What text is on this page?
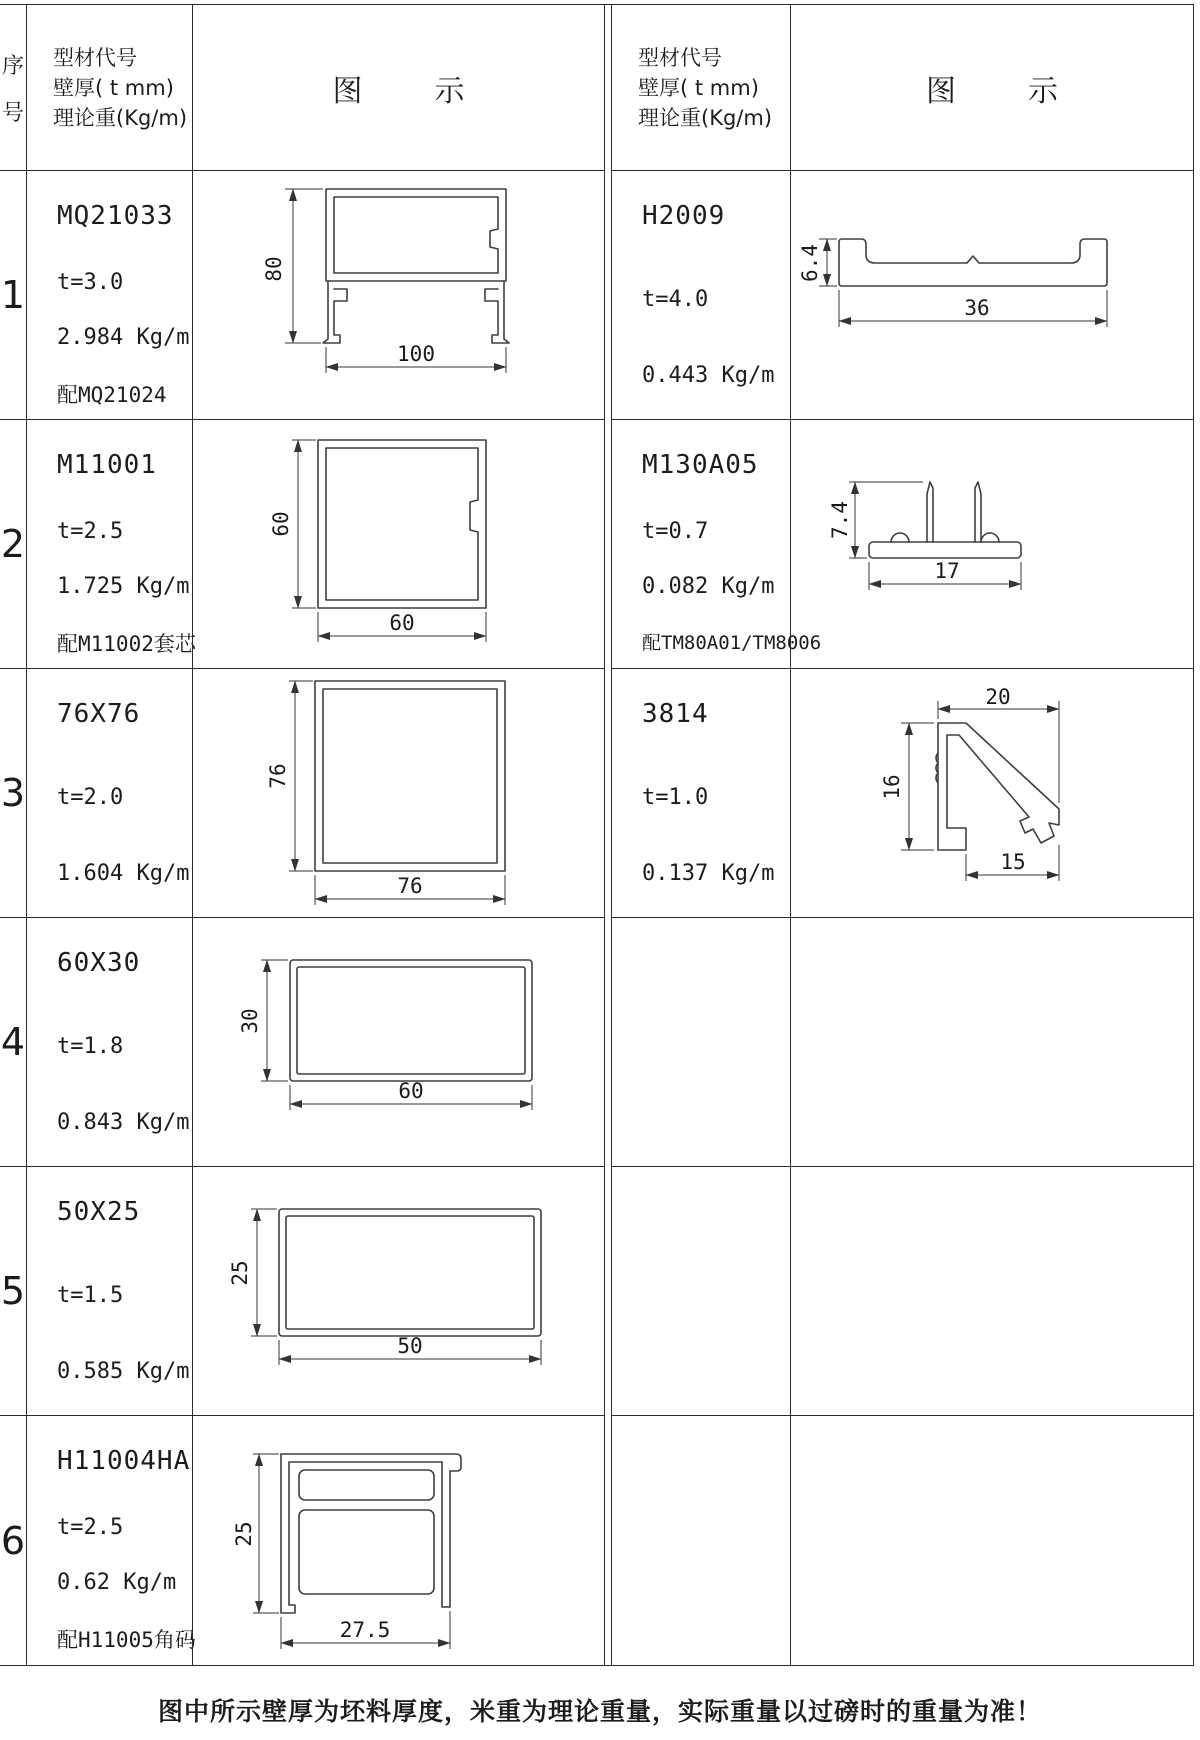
序
号
型材代号
壁厚( t mm)
理论重(Kg/m)
图 示
型材代号
壁厚( t mm)
理论重(Kg/m)
图 示
1
MQ21033
t=3.0
2.984 Kg/m
配MQ21024
80
100
H2009
t=4.0
0.443 Kg/m
6.4
36
2
M11001
t=2.5
1.725 Kg/m
配M11002套芯
60
60
M130A05
t=0.7
0.082 Kg/m
配TM80A01/TM8006
7.4
17
3
76X76
t=2.0
1.604 Kg/m
76
76
3814
t=1.0
0.137 Kg/m
20
16
15
4
60X30
t=1.8
0.843 Kg/m
30
60
5
50X25
t=1.5
0.585 Kg/m
25
50
6
H11004HA
t=2.5
0.62 Kg/m
配H11005角码
25
27.5
图中所示壁厚为坯料厚度，米重为理论重量，实际重量以过磅时的重量为准！
